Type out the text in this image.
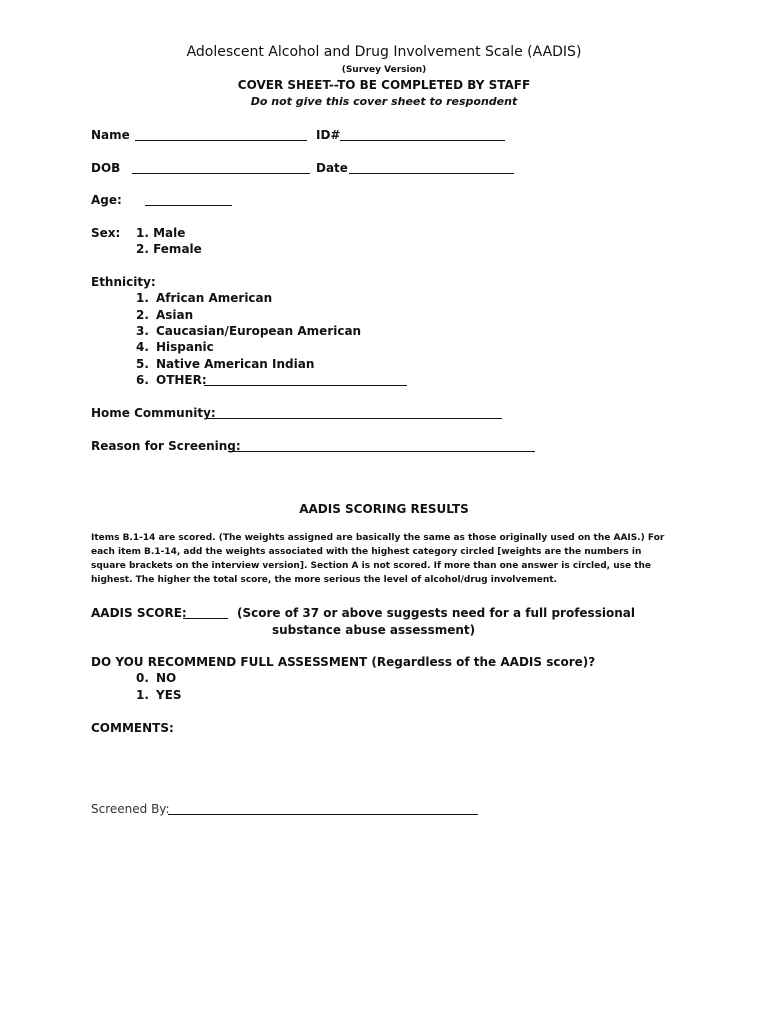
Adolescent Alcohol and Drug Involvement Scale (AADIS)
(Survey Version)
COVER SHEET--TO BE COMPLETED BY STAFF
Do not give this cover sheet to respondent
Name	ID#
DOB	Date
Age:
Sex: 1. Male
2. Female
Ethnicity:
1. African American
2. Asian
3. Caucasian/European American
4. Hispanic
5. Native American Indian
6. OTHER:
Home Community:
Reason for Screening:
AADIS SCORING RESULTS
Items B.1-14 are scored. (The weights assigned are basically the same as those originally used on the AAIS.) For each item B.1-14, add the weights associated with the highest category circled [weights are the numbers in square brackets on the interview version]. Section A is not scored. If more than one answer is circled, use the highest. The higher the total score, the more serious the level of alcohol/drug involvement.
AADIS SCORE:	(Score of 37 or above suggests need for a full professional
substance abuse assessment)
DO YOU RECOMMEND FULL ASSESSMENT (Regardless of the AADIS score)?
0. NO
1. YES
COMMENTS:
Screened By:
